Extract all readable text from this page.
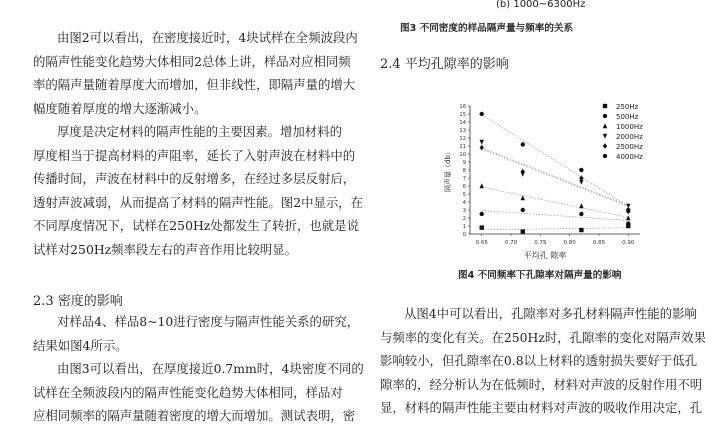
由图2可以看出，在密度接近时，4块试样在全频波段内
的隔声性能变化趋势大体相同2总体上讲，样品对应相同频
率的隔声量随着厚度大而增加，但非线性，即隔声量的增大
幅度随着厚度的增大逐渐减小。
厚度是决定材料的隔声性能的主要因素。增加材料的
厚度相当于提高材料的声阻率，延长了入射声波在材料中的
传播时间，声波在材料中的反射增多，在经过多层反射后，
透射声波减弱，从而提高了材料的隔声性能。图2中显示，在
不同厚度情况下，试样在250Hz处都发生了转折，也就是说
试样对250Hz频率段左右的声音作用比较明显。
2.3 密度的影响
对样品4、样品8~10进行密度与隔声性能关系的研究，
结果如图4所示。
由图3可以看出，在厚度接近0.7mm时，4块密度不同的
试样在全频波段内的隔声性能变化趋势大体相同，样品对
应相同频率的隔声量随着密度的增大而增加。测试表明，密
(b) 1000~6300Hz
图3 不同密度的样品隔声量与频率的关系
2.4 平均孔隙率的影响
0
1
2
3
4
5
6
7
8
9
10
11
12
13
14
15
16
0.65	0.70	0.75	0.80	0.85	0.90
平均孔 隙率
隔声量（db）
250Hz
500Hz
1000Hz
2000Hz
2500Hz
4000Hz
图4 不同频率下孔隙率对隔声量的影响
从图4中可以看出，孔隙率对多孔材料隔声性能的影响
与频率的变化有关。在250Hz时，孔隙率的变化对隔声效果
影响较小，但孔隙率在0.8以上材料的透射损失要好于低孔
隙率的，经分析认为在低频时，材料对声波的反射作用不明
显，材料的隔声性能主要由材料对声波的吸收作用决定，孔
